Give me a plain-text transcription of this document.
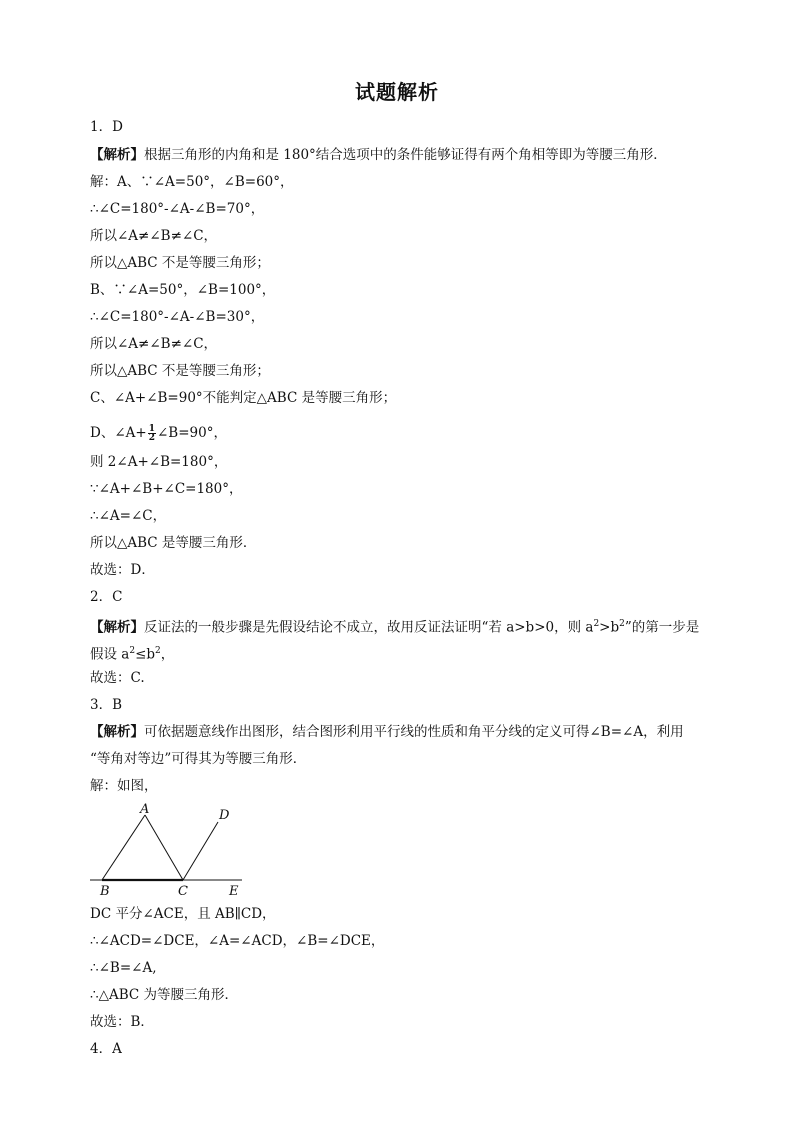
试题解析
1．D
【解析】根据三角形的内角和是 180°结合选项中的条件能够证得有两个角相等即为等腰三角形．
解：A、∵∠A=50°，∠B=60°，
∴∠C=180°-∠A-∠B=70°，
所以∠A≠∠B≠∠C，
所以△ABC 不是等腰三角形；
B、∵∠A=50°，∠B=100°，
∴∠C=180°-∠A-∠B=30°，
所以∠A≠∠B≠∠C，
所以△ABC 不是等腰三角形；
C、∠A+∠B=90°不能判定△ABC 是等腰三角形；
D、∠A+ $\frac{1}{2}$ ∠B=90°，
则 2∠A+∠B=180°，
∵∠A+∠B+∠C=180°，
∴∠A=∠C，
所以△ABC 是等腰三角形．
故选：D．
2．C
【解析】反证法的一般步骤是先假设结论不成立，故用反证法证明“若 a>b>0，则 $a^2>b^2$”的第一步是
假设 $a^2\le b^2$，
故选：C.
3．B
【解析】可依据题意线作出图形，结合图形利用平行线的性质和角平分线的定义可得∠B=∠A，利用
“等角对等边”可得其为等腰三角形．
解：如图，
A
B	C
D
E
DC 平分∠ACE，且 AB∥CD，
∴∠ACD=∠DCE，∠A=∠ACD，∠B=∠DCE，
∴∠B=∠A,
∴△ABC 为等腰三角形．
故选：B．
4．A
